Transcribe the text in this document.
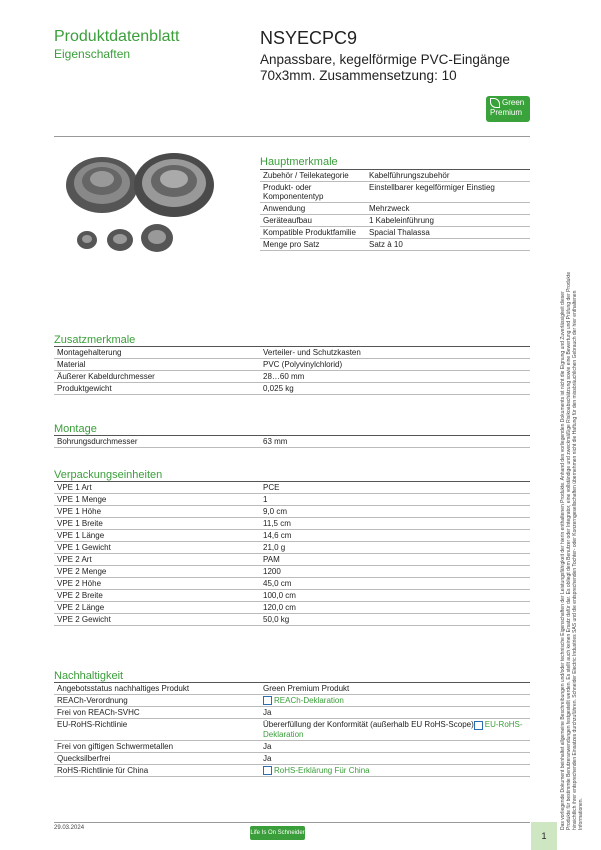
Produktdatenblatt
Eigenschaften
NSYECPC9
Anpassbare, kegelförmige PVC-Eingänge
70x3mm. Zusammensetzung: 10
Green
Premium
Hauptmerkmale
Zubehör / Teilekategorie	Kabelführungszubehör
Produkt- oder Komponententyp	Einstellbarer kegelförmiger Einstieg
Anwendung	Mehrzweck
Geräteaufbau	1 Kabeleinführung
Kompatible Produktfamilie	Spacial Thalassa
Menge pro Satz	Satz à 10
Zusatzmerkmale
Montagehalterung	Verteiler- und Schutzkasten
Material	PVC (Polyvinylchlorid)
Äußerer Kabeldurchmesser	28…60 mm
Produktgewicht	0,025 kg
Montage
Bohrungsdurchmesser	63 mm
Verpackungseinheiten
VPE 1 Art	PCE
VPE 1 Menge	1
VPE 1 Höhe	9,0 cm
VPE 1 Breite	11,5 cm
VPE 1 Länge	14,6 cm
VPE 1 Gewicht	21,0 g
VPE 2 Art	PAM
VPE 2 Menge	1200
VPE 2 Höhe	45,0 cm
VPE 2 Breite	100,0 cm
VPE 2 Länge	120,0 cm
VPE 2 Gewicht	50,0 kg
Nachhaltigkeit
Angebotsstatus nachhaltiges Produkt	Green Premium Produkt
REACh-Verordnung	REACh-Deklaration
Frei von REACh-SVHC	Ja
EU-RoHS-Richtlinie	Übererfüllung der Konformität (außerhalb EU RoHS-Scope) EU-RoHS-Deklaration
Frei von giftigen Schwermetallen	Ja
Quecksilberfrei	Ja
RoHS-Richtlinie für China	RoHS-Erklärung Für China	Das vorliegende Dokument beinhaltet allgemeine Beschreibungen und/oder technische Eigenschaften der Leistungsfähigkeit der hierin enthaltenen Produkte. Anhand des vorliegenden Dokuments ist nicht die Eignung und Zuverlässigkeit dieser Produkte für bestimmte Benutzeranwendungen festgestellt werden. Es stellt auch keinen Ersatz dafür dar. Es obliegt dem Benutzer oder Integrator, eine vollständige und zweckmäßige Risikoabschätzung sowie eine Bewertung und Prüfung der Produkte hinsichtlich ihrer entsprechenden Einsatzes durchzuführen. Schneider Electric Industries SAS und die entsprechenden Tochter- oder Konzerngesellschaften übernehmen nicht die Haftung für den missbräuchlichen Gebrauch der hier enthaltenen Informationen.
29.03.2024
Life Is On Schneider	1
